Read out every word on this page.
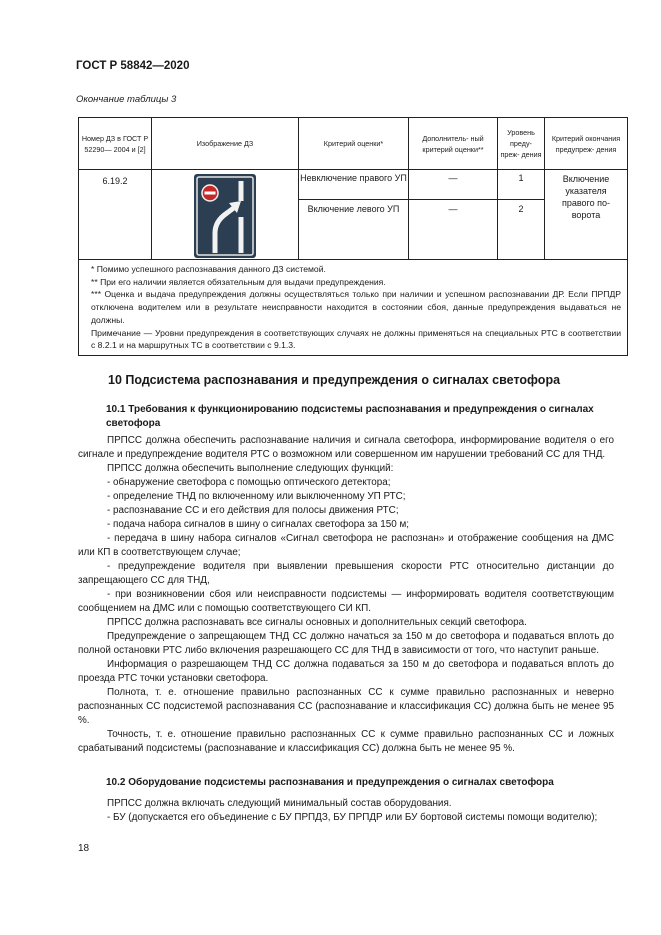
ГОСТ Р 58842—2020
Окончание таблицы 3
Номер ДЗ в ГОСТ Р 52290— 2004 и [2]	Изображение ДЗ	Критерий оценки*	Дополнитель- ный критерий оценки**	Уровень преду- преж- дения	Критерий окончания предупреж- дения
6.19.2		Невключение правого УП	—	1	Включение указателя правого по- ворота
		Включение левого УП	—	2	

* Помимо успешного распознавания данного ДЗ системой.
** При его наличии является обязательным для выдачи предупреждения.
*** Оценка и выдача предупреждения должны осуществляться только при наличии и успешном распознавании ДР. Если ПРПДР отключена водителем или в результате неисправности находится в состоянии сбоя, данные предупреждения выдаваться не должны.
Примечание — Уровни предупреждения в соответствующих случаях не должны применяться на специальных РТС в соответствии с 8.2.1 и на маршрутных ТС в соответствии с 9.1.3.					
10 Подсистема распознавания и предупреждения о сигналах светофора
10.1 Требования к функционированию подсистемы распознавания и предупреждения о сигналах светофора

ПРПСС должна обеспечить распознавание наличия и сигнала светофора, информирование водителя о его сигнале и предупреждение водителя РТС о возможном или совершенном им нарушении требований СС для ТНД.

ПРПСС должна обеспечить выполнение следующих функций:

- обнаружение светофора с помощью оптического детектора;

- определение ТНД по включенному или выключенному УП РТС;

- распознавание СС и его действия для полосы движения РТС;

- подача набора сигналов в шину о сигналах светофора за 150 м;

- передача в шину набора сигналов «Сигнал светофора не распознан» и отображение сообщения на ДМС или КП в соответствующем случае;

- предупреждение водителя при выявлении превышения скорости РТС относительно дистанции до запрещающего СС для ТНД,

- при возникновении сбоя или неисправности подсистемы — информировать водителя соответствующим сообщением на ДМС или с помощью соответствующего СИ КП.

ПРПСС должна распознавать все сигналы основных и дополнительных секций светофора.

Предупреждение о запрещающем ТНД СС должно начаться за 150 м до светофора и подаваться вплоть до полной остановки РТС либо включения разрешающего СС для ТНД в зависимости от того, что наступит раньше.

Информация о разрешающем ТНД СС должна подаваться за 150 м до светофора и подаваться вплоть до проезда РТС точки установки светофора.

Полнота, т. е. отношение правильно распознанных СС к сумме правильно распознанных и неверно распознанных СС подсистемой распознавания СС (распознавание и классификация СС) должна быть не менее 95 %.

Точность, т. е. отношение правильно распознанных СС к сумме правильно распознанных СС и ложных срабатываний подсистемы (распознавание и классификация СС) должна быть не менее 95 %.

10.2 Оборудование подсистемы распознавания и предупреждения о сигналах светофора

ПРПСС должна включать следующий минимальный состав оборудования.

- БУ (допускается его объединение с БУ ПРПДЗ, БУ ПРПДР или БУ бортовой системы помощи водителю);

18
